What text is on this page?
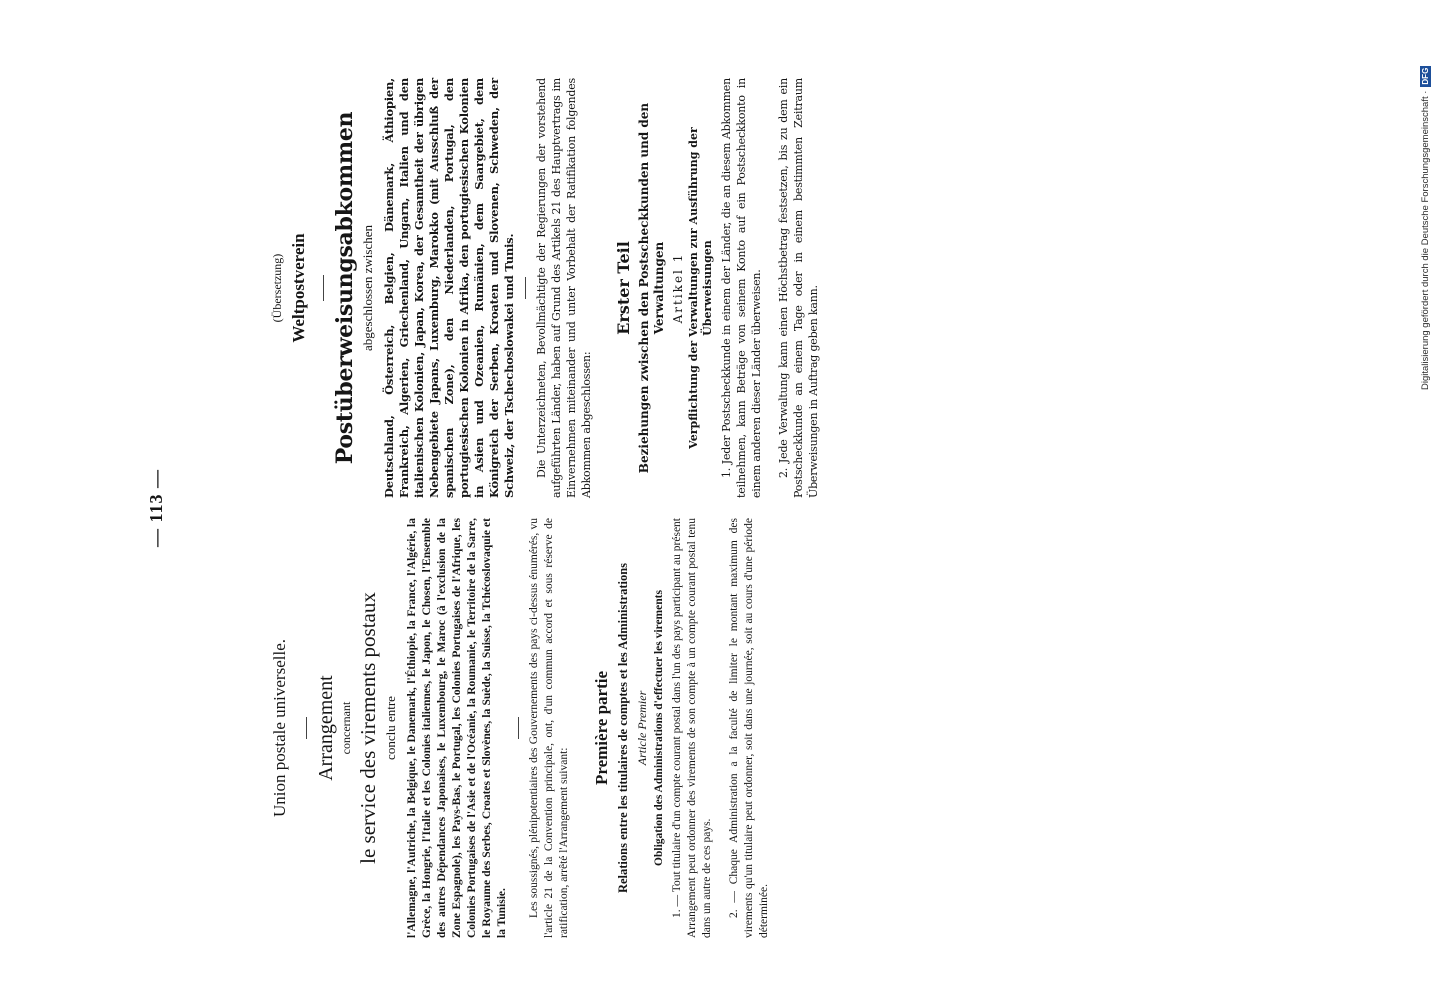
— 113 —
Union postale universelle. Arrangement concernant le service des virements postaux conclu entre l'Allemagne, l'Autriche, la Belgique, le Danemark, l'Éthiopie, la France, l'Algérie, la Grèce, la Hongrie, l'Italie et les Colonies italiennes, le Japon, le Chosen, l'Ensemble des autres Dépendances Japonaises, le Luxembourg, le Maroc (à l'exclusion de la Zone Espagnole), les Pays-Bas, le Portugal, les Colonies Portugaises de l'Afrique, les Colonies Portugaises de l'Asie et de l'Océanie, la Roumanie, le Territoire de la Sarre, le Royaume des Serbes, Croates et Slovènes, la Suède, la Suisse, la Tchécoslovaquie et la Tunisie. Les soussignés, plénipotentiaires des Gouvernements des pays ci-dessus énumérés, vu l'article 21 de la Convention principale, ont, d'un commun accord et sous réserve de ratification, arrêté l'Arrangement suivant:

Première partie Relations entre les titulaires de comptes et les Administrations Article Premier Obligation des Administrations d'effectuer les virements 1. — Tout titulaire d'un compte courant postal dans l'un des pays participant au présent Arrangement peut ordonner des virements de son compte à un compte courant postal tenu dans un autre de ces pays. 2. — Chaque Administration a la faculté de limiter le montant maximum des virements qu'un titulaire peut ordonner, soit dans une journée, soit au cours d'une période déterminée.

(Übersetzung) Weltpostverein Postüberweisungsabkommen abgeschlossen zwischen Deutschland, Österreich, Belgien, Dänemark, Äthiopien, Frankreich, Algerien, Griechenland, Ungarn, Italien und den italienischen Kolonien, Japan, Korea, der Gesamtheit der übrigen Nebengebiete Japans, Luxemburg, Marokko (mit Ausschluß der spanischen Zone), den Niederlanden, Portugal, den portugiesischen Kolonien in Afrika, den portugiesischen Kolonien in Asien und Ozeanien, Rumänien, dem Saargebiet, dem Königreich der Serben, Kroaten und Slovenen, Schweden, der Schweiz, der Tschechoslowakei und Tunis. Die Unterzeichneten, Bevollmächtigte der Regierungen der vorstehend aufgeführten Länder, haben auf Grund des Artikels 21 des Hauptvertrags im Einvernehmen miteinander und unter Vorbehalt der Ratifikation folgendes Abkommen abgeschlossen:

Erster Teil Beziehungen zwischen den Postscheckkunden und den Verwaltungen Artikel 1 Verpflichtung der Verwaltungen zur Ausführung der Überweisungen 1. Jeder Postscheckkunde in einem der Länder, die an diesem Abkommen teilnehmen, kann Beträge von seinem Konto auf ein Postscheckkonto in einem anderen dieser Länder überweisen. 2. Jede Verwaltung kann einen Höchstbetrag festsetzen, bis zu dem ein Postscheckkunde an einem Tage oder in einem bestimmten Zeitraum Überweisungen in Auftrag geben kann.

Digitalisierung gefördert durch die Deutsche Forschungsgemeinschaft ·DFG
